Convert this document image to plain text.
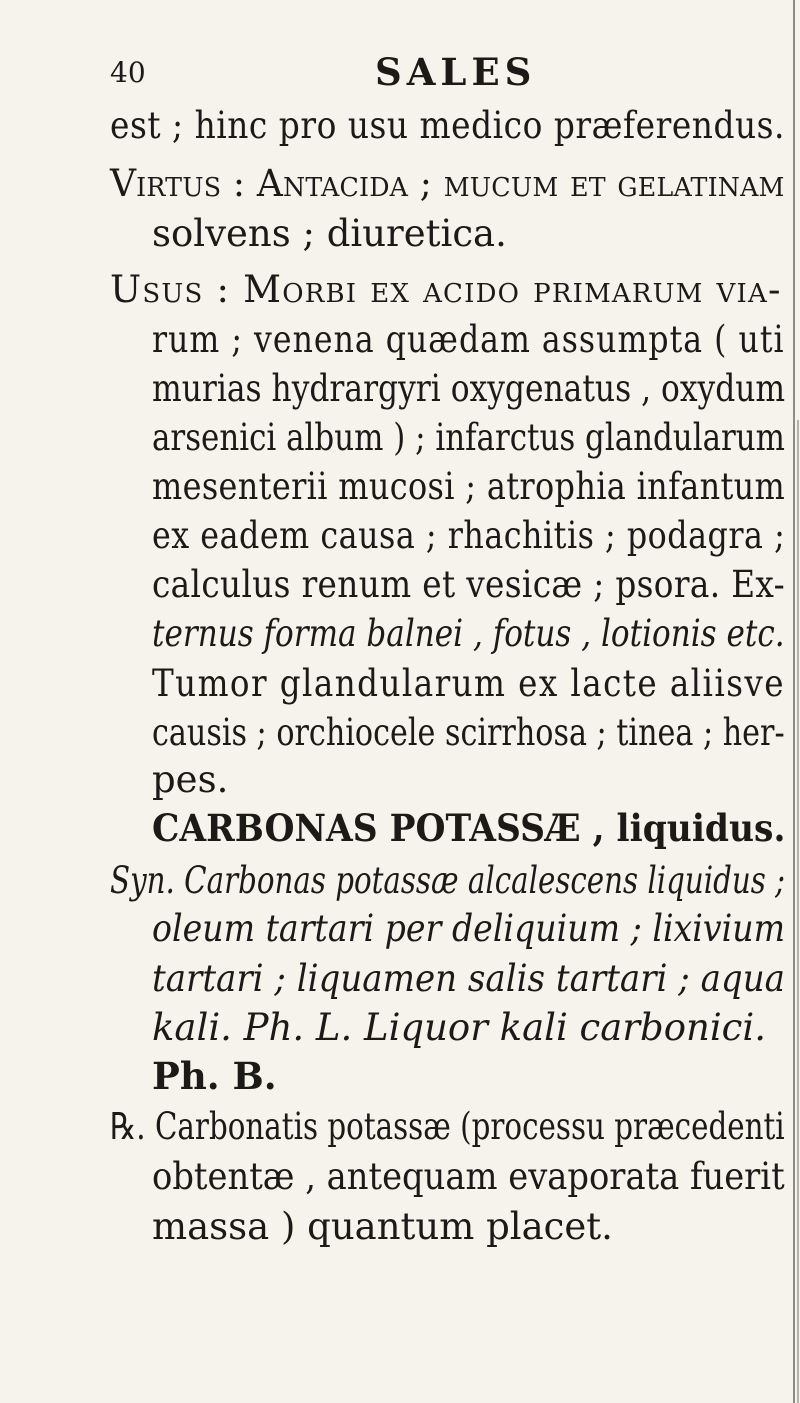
40	SALES
est ; hinc pro usu medico præferendus.
Virtus : Antacida ; mucum et gelatinam
solvens ; diuretica.
Usus : Morbi ex acido primarum via-
rum ; venena quædam assumpta ( uti
murias hydrargyri oxygenatus , oxydum
arsenici album ) ; infarctus glandularum
mesenterii mucosi ; atrophia infantum
ex eadem causa ; rhachitis ; podagra ;
calculus renum et vesicæ ; psora. Ex-
ternus forma balnei , fotus , lotionis etc.
Tumor glandularum ex lacte aliisve
causis ; orchiocele scirrhosa ; tinea ; her-
pes.
CARBONAS POTASSÆ , liquidus.
Syn. Carbonas potassæ alcalescens liquidus ;
oleum tartari per deliquium ; lixivium
tartari ; liquamen salis tartari ; aqua
kali. Ph. L. Liquor kali carbonici.
Ph. B.
℞. Carbonatis potassæ (processu præcedenti
obtentæ , antequam evaporata fuerit
massa ) quantum placet.
